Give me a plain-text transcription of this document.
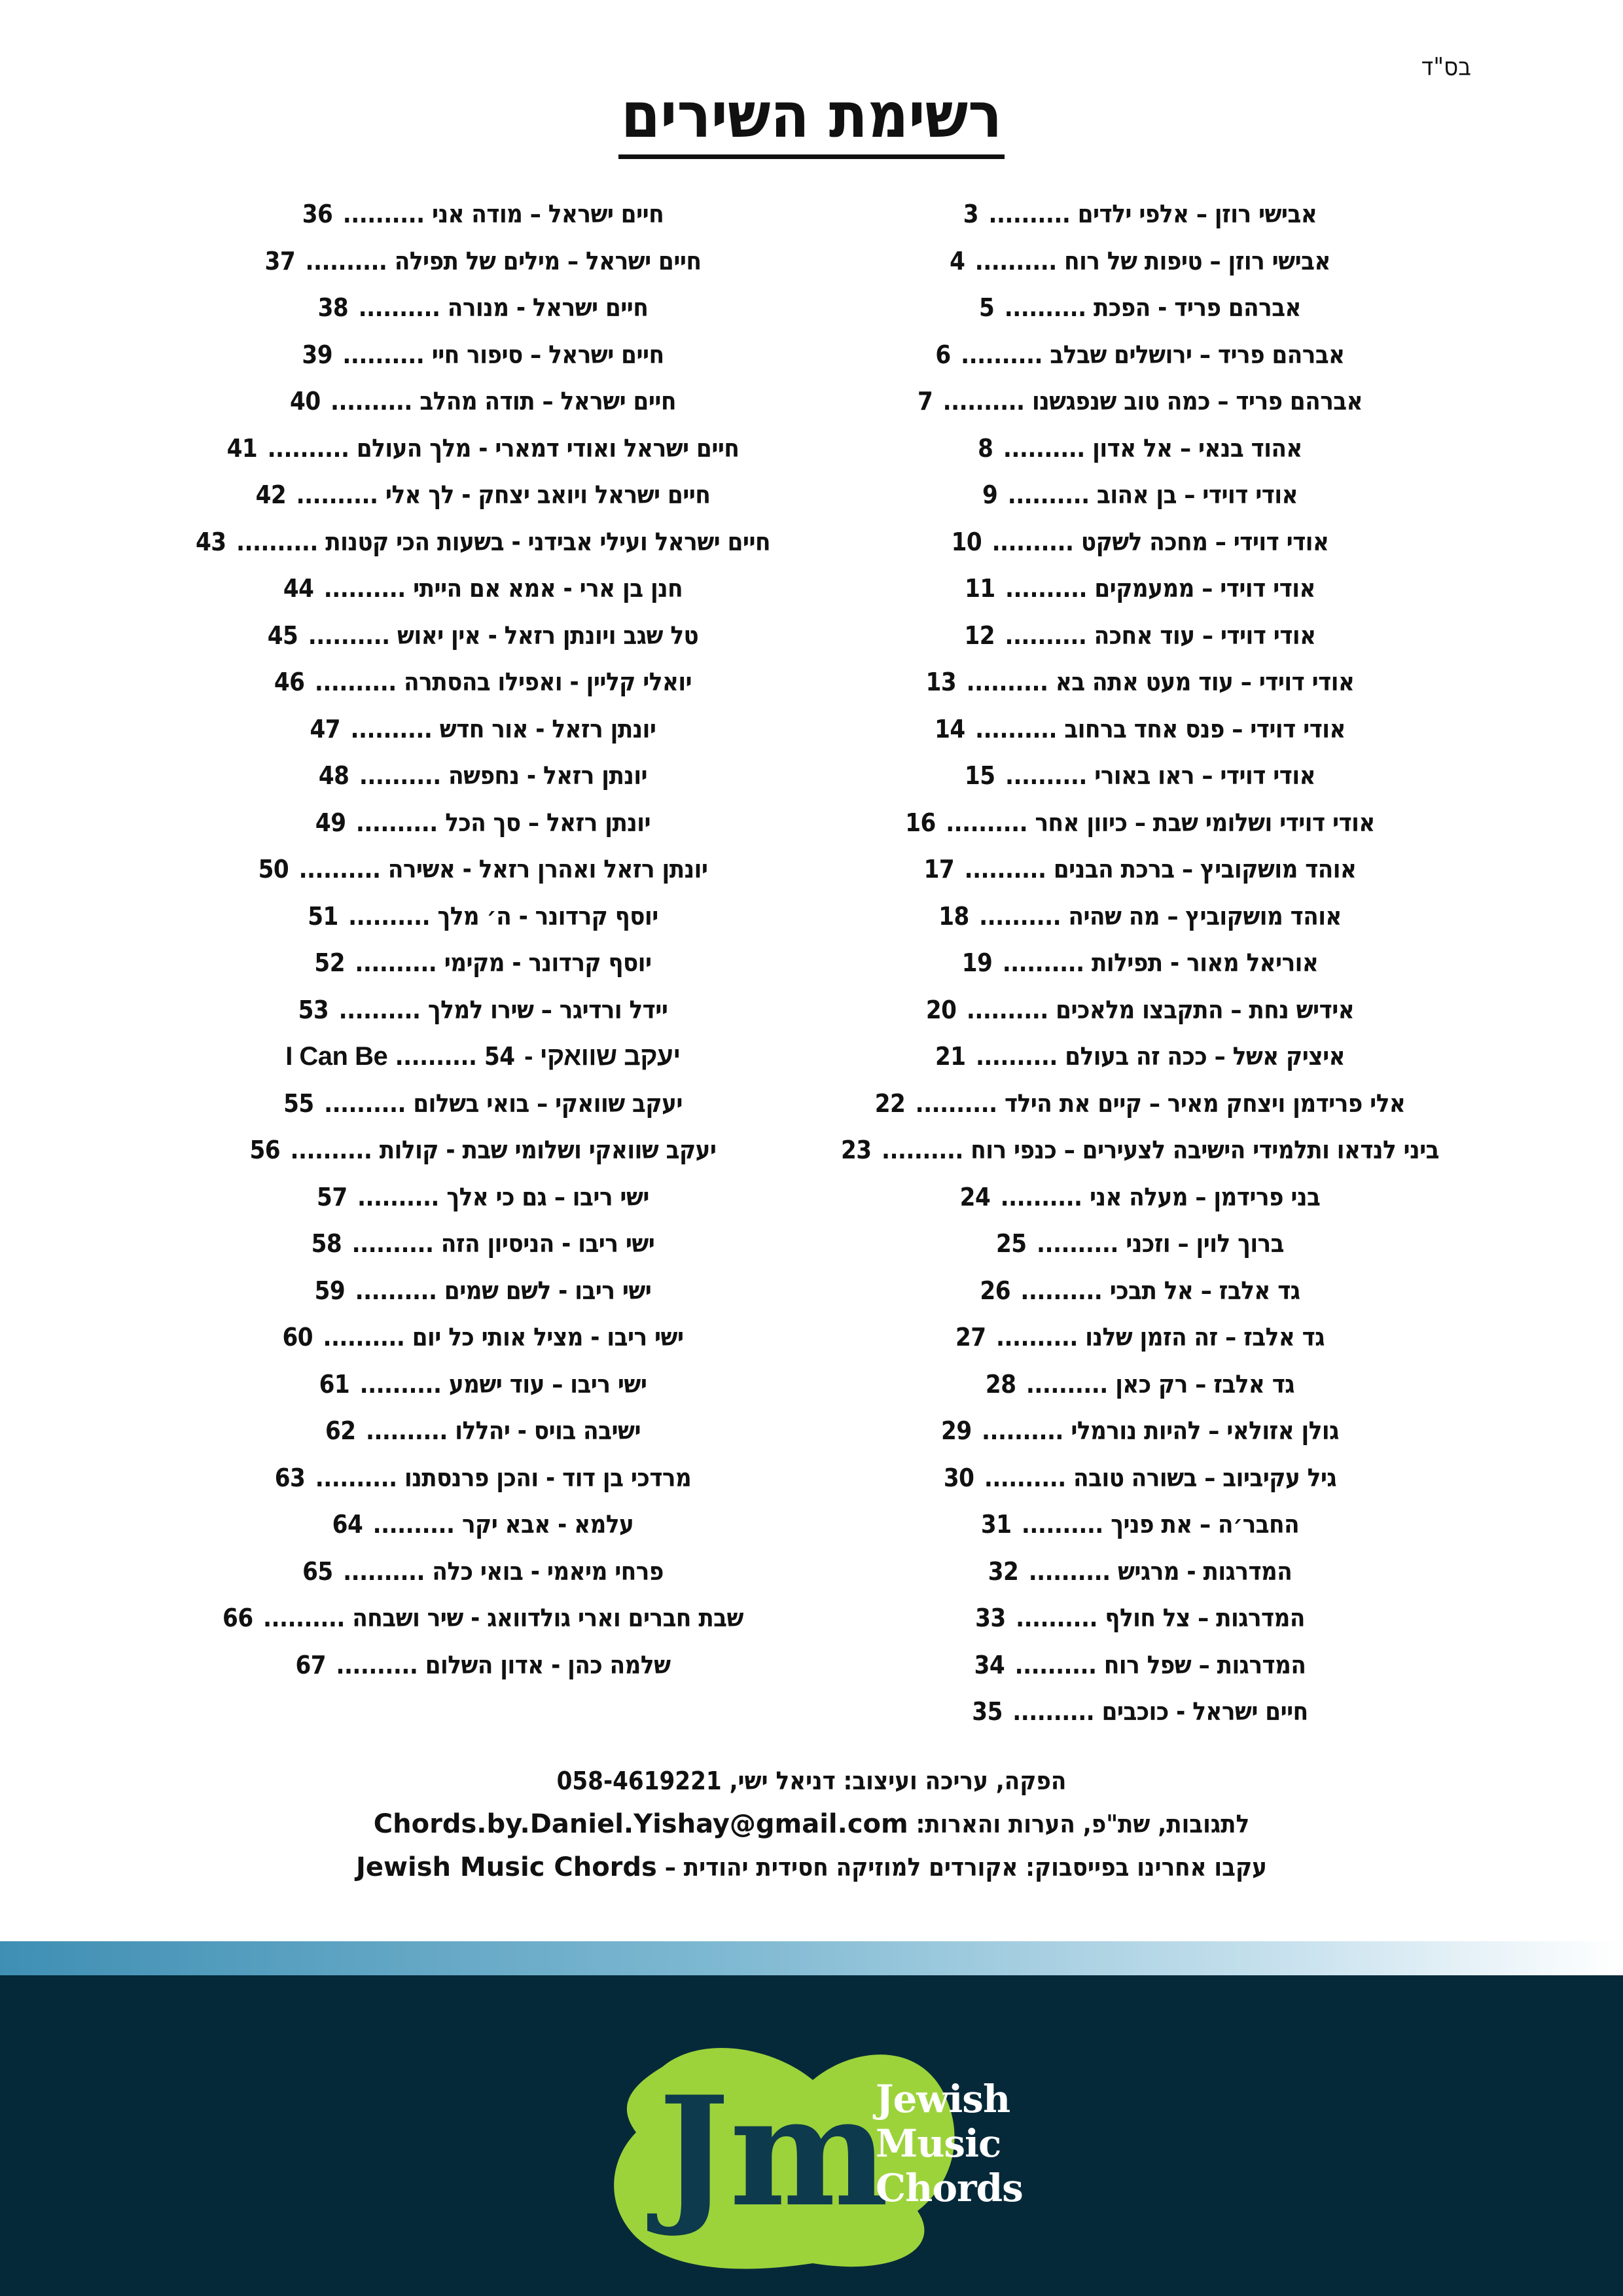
בס"ד
רשימת השירים
אבישי רוזן – אלפי ילדים .......... 3
אבישי רוזן – טיפות של רוח .......... 4
אברהם פריד - הפכת .......... 5
אברהם פריד – ירושלים שבלב .......... 6
אברהם פריד – כמה טוב שנפגשנו .......... 7
אהוד בנאי – אל אדון .......... 8
אודי דוידי – בן אהוב .......... 9
אודי דוידי – מחכה לשקט .......... 10
אודי דוידי – ממעמקים .......... 11
אודי דוידי – עוד אחכה .......... 12
אודי דוידי – עוד מעט אתה בא .......... 13
אודי דוידי – פנס אחד ברחוב .......... 14
אודי דוידי – ראו באורי .......... 15
אודי דוידי ושלומי שבת – כיוון אחר .......... 16
אוהד מושקוביץ – ברכת הבנים .......... 17
אוהד מושקוביץ – מה שהיה .......... 18
אוריאל מאור - תפילות .......... 19
אידיש נחת – התקבצו מלאכים .......... 20
איציק אשל – ככה זה בעולם .......... 21
אלי פרידמן ויצחק מאיר – קיים את הילד .......... 22
ביני לנדאו ותלמידי הישיבה לצעירים – כנפי רוח .......... 23
בני פרידמן – מעלה אני .......... 24
ברוך לוין – וזכני .......... 25
גד אלבז – אל תבכי .......... 26
גד אלבז – זה הזמן שלנו .......... 27
גד אלבז – רק כאן .......... 28
גולן אזולאי – להיות נורמלי .......... 29
גיל עקיביוב – בשורה טובה .......... 30
החבר׳ה – את פניך .......... 31
המדרגות - מרגיש .......... 32
המדרגות – צל חולף .......... 33
המדרגות – שפל רוח .......... 34
חיים ישראל - כוכבים .......... 35
חיים ישראל – מודה אני .......... 36
חיים ישראל – מילים של תפילה .......... 37
חיים ישראל - מנורה .......... 38
חיים ישראל – סיפור חיי .......... 39
חיים ישראל – תודה מהלב .......... 40
חיים ישראל ואודי דמארי - מלך העולם .......... 41
חיים ישראל ויואב יצחק - לך אלי .......... 42
חיים ישראל ועילי אבידני - בשעות הכי קטנות .......... 43
חנן בן ארי - אמא אם הייתי .......... 44
טל שגב ויונתן רזאל - אין יאוש .......... 45
יואלי קליין - ואפילו בהסתרה .......... 46
יונתן רזאל - אור חדש .......... 47
יונתן רזאל - נחפשה .......... 48
יונתן רזאל – סך הכל .......... 49
יונתן רזאל ואהרן רזאל - אשירה .......... 50
יוסף קרדונר - ה׳ מלך .......... 51
יוסף קרדונר - מקימי .......... 52
יידל ורדיגר – שירו למלך .......... 53
יעקב שוואקי - I Can Be .......... 54
יעקב שוואקי – בואי בשלום .......... 55
יעקב שוואקי ושלומי שבת - קולות .......... 56
ישי ריבו – גם כי אלך .......... 57
ישי ריבו - הניסיון הזה .......... 58
ישי ריבו - לשם שמים .......... 59
ישי ריבו - מציל אותי כל יום .......... 60
ישי ריבו – עוד ישמע .......... 61
ישיבה בויס - יהללו .......... 62
מרדכי בן דוד - והכן פרנסתנו .......... 63
עלמא - אבא יקר .......... 64
פרחי מיאמי - בואי כלה .......... 65
שבת חברים וארי גולדוואג - שיר ושבחה .......... 66
שלמה כהן - אדון השלום .......... 67
הפקה, עריכה ועיצוב: דניאל ישי, 058-4619221
לתגובות, שת"פ, הערות והארות: Chords.by.Daniel.Yishay@gmail.com
עקבו אחרינו בפייסבוק: אקורדים למוזיקה חסידית יהודית – Jewish Music Chords
Jm
Jewish
Music
Chords
